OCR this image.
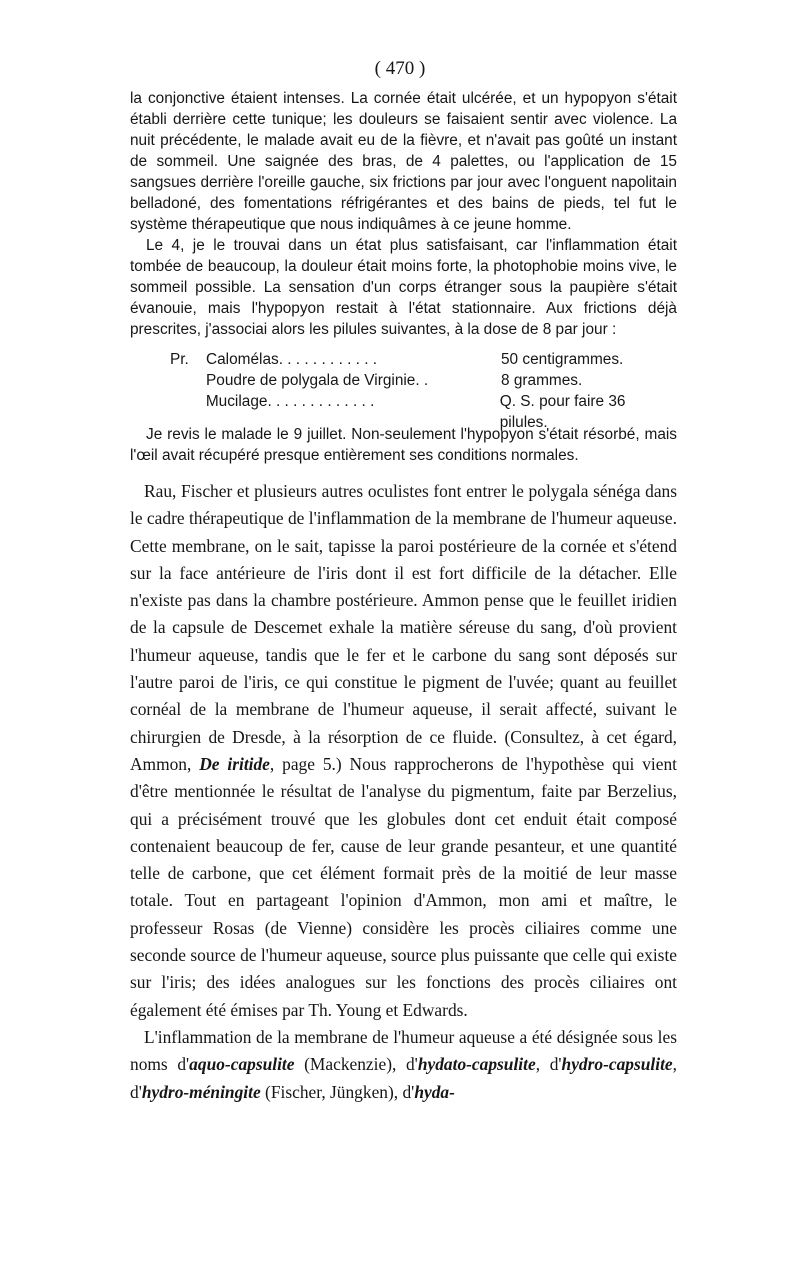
( 470 )

la conjonctive étaient intenses. La cornée était ulcérée, et un hypopyon s'était établi derrière cette tunique; les douleurs se faisaient sentir avec violence. La nuit précédente, le malade avait eu de la fièvre, et n'avait pas goûté un instant de sommeil. Une saignée des bras, de 4 palettes, ou l'application de 15 sangsues derrière l'oreille gauche, six frictions par jour avec l'onguent napolitain belladoné, des fomentations réfrigérantes et des bains de pieds, tel fut le système thérapeutique que nous indiquâmes à ce jeune homme.

Le 4, je le trouvai dans un état plus satisfaisant, car l'inflammation était tombée de beaucoup, la douleur était moins forte, la photophobie moins vive, le sommeil possible. La sensation d'un corps étranger sous la paupière s'était évanouie, mais l'hypopyon restait à l'état stationnaire. Aux frictions déjà prescrites, j'associai alors les pilules suivantes, à la dose de 8 par jour :

Pr.	Calomélas. . . . . . . . . . . .	50 centigrammes.
Poudre de polygala de Virginie. .	8 grammes.
Mucilage. . . . . . . . . . . . .	Q. S. pour faire 36 pilules.

Je revis le malade le 9 juillet. Non-seulement l'hypopyon s'était résorbé, mais l'œil avait récupéré presque entièrement ses conditions normales.

Rau, Fischer et plusieurs autres oculistes font entrer le polygala sénéga dans le cadre thérapeutique de l'inflammation de la membrane de l'humeur aqueuse. Cette membrane, on le sait, tapisse la paroi postérieure de la cornée et s'étend sur la face antérieure de l'iris dont il est fort difficile de la détacher. Elle n'existe pas dans la chambre postérieure. Ammon pense que le feuillet iridien de la capsule de Descemet exhale la matière séreuse du sang, d'où provient l'humeur aqueuse, tandis que le fer et le carbone du sang sont déposés sur l'autre paroi de l'iris, ce qui constitue le pigment de l'uvée; quant au feuillet cornéal de la membrane de l'humeur aqueuse, il serait affecté, suivant le chirurgien de Dresde, à la résorption de ce fluide. (Consultez, à cet égard, Ammon, De iritide, page 5.) Nous rapprocherons de l'hypothèse qui vient d'être mentionnée le résultat de l'analyse du pigmentum, faite par Berzelius, qui a précisément trouvé que les globules dont cet enduit était composé contenaient beaucoup de fer, cause de leur grande pesanteur, et une quantité telle de carbone, que cet élément formait près de la moitié de leur masse totale. Tout en partageant l'opinion d'Ammon, mon ami et maître, le professeur Rosas (de Vienne) considère les procès ciliaires comme une seconde source de l'humeur aqueuse, source plus puissante que celle qui existe sur l'iris; des idées analogues sur les fonctions des procès ciliaires ont également été émises par Th. Young et Edwards.

L'inflammation de la membrane de l'humeur aqueuse a été désignée sous les noms d'aquo-capsulite (Mackenzie), d'hydato-capsulite, d'hydro-capsulite, d'hydro-méningite (Fischer, Jüngken), d'hyda-
